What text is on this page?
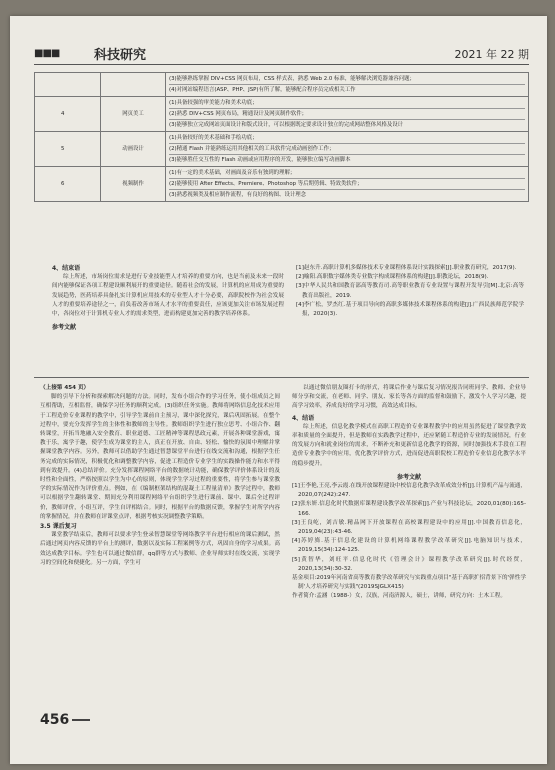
■■■	科技研究	2021 年 22 期

		(3)能够熟练掌握 DIV+CSS 网页布局，CSS 样式表，熟悉 Web 2.0 标准，能够解决浏览器兼容问题；
(4)对网站编程语言(ASP、PHP、JSP)有所了解，能够配合程序员完成相关工作

4	网页美工	(1)具备较强的审美能力和美术功底；
(2)熟悉 DIV+CSS 网页布局，精通设计及网页制作软件；
(3)能够独立完成网站页面设计和版式设计，可以根据既定要求设计独立的完成网站整体风格及设计

5	动画设计	(1)具备较好的美术基础和手绘功底；
(2)精通 Flash 并能熟练运用其他相关的工具软件完成动画创作工作；
(3)能够胜任交互性的 Flash 动画或应用程序的开发，能够独立编写动画脚本

6	视频制作	(1)有一定的美术基础，对画面及音乐有独到的理解；
(2)能够使用 After Effects、Premiere、Photoshop 等后期剪辑、特效类软件；
(3)熟悉视频类及相应制作流程，有良好的构图、设计理念
4、结束语
综上所述，市场岗位需求是进行专业技能型人才培养的重要方向，也是当前及未来一段时间内能够保证各项工程建设顺利展开的重要途径。随着社会的发展，计算机的应用成为重要的发展趋势，医药培养具备扎实计算机应用技术的专业型人才十分必要，高职院校作为社会发展人才的重要培养途径之一，肩负着改善市场人才水平的重要责任，应该更加关注市场发展过程中，各岗位对于计算机专业人才的需求类型，进而构建更加完善的教学培养体系。
参考文献
[1]赵东升.高职计算机多媒体技术专业课程体系设计实践探索[J].职业教育研究，2017(9).
[2]喻阳.高职数字媒体类专业数字构成课程体系的构建[J].职教论坛，2018(9).
[3]中华人民共和国教育部高等教育司.高等职业教育专业设置与课程开发导引[M].北京:高等教育出版社，2019.
[4]李广松，罗杰红.基于项目导向的高职多媒体技术课程体系的构建[J].广西民族师范学院学报，2020(3).
（上接第 454 页）
脚的引导下分析和探索解决问题的方法。同时，发布小组合作的学习任务，使小组成员之间互相帮助，互相监督，确保学习任务的顺利完成。(3)组织任务实施。教师将网络信息化技术应用于工程造价专业课程的教学中，引导学生课前自主预习，课中深化探究，课后巩固拓展。在整个过程中，要充分发挥学生的主体性和教师的主导性。教师组织学生进行独立思考、小组合作、翻转课堂，开拓当地融入安全教育、职业道德、工匠精神等课程思政元素，开展各种课堂游戏，寓教于乐，寓学于趣，使学生成为课堂的主人，真正在开放、自由、轻松、愉快的氛围中理解并掌握课堂教学内容。另外，教师可以借助学生通过智慧课堂平台进行在线交流和沟通，根据学生任务完成的实际情况，积极优化和调整教学内容，促进工程造价专业学生的实践操作能力和水平得到有效提升。(4)总结评价。充分发挥课程网络平台的数据统计功能，确保教学评价体系设计的及时性和全面性，严格按照以学生为中心的原则，体现学生学习过程的重要性，将学生参与课堂教学的实际情况作为评价重点。例如，在《编制框架结构的混凝土工程量清单》教学过程中，教师可以根据学生翻转课堂、期间充分利用课程网络平台组织学生进行课前、课中、课后全过程评价，教师评价，小组互评，学生自评相结合。同时，根据平台的数据反馈，掌握学生对所学内容的掌握情况，并在教师在评课堂点评，根据考核实况调整教学策略。
3.5 课后复习
课堂教学结束后，教师可以要求学生登录智慧课堂等网络教学平台进行相应的课后测试，然后通过网页内容反馈的平台上的测评，数据以及实际工程案例等方式，巩固自身的学习成果。高效达成教学目标。学生也可以通过微信群，qq群等方式与教师、企业导师实时在线交流，实现学习的空间化和便捷化。另一方面，学生可
以通过微信朋友圈打卡的形式，将课后作业与课后复习情况报告同班同学、教师、企业导师分享和交流，在老师、同学、朋友、家长等各方面的监督和鼓励下，激发个人学习兴趣，提高学习效率，养成良好的学习习惯，高效达成目标。
4、结语
综上所述，信息化教学模式在高职工程造价专业课程教学中的应用虽然促进了课堂教学效率和质量的全面提升，但是教师在实践教学过程中，还应紧随工程造价专业的发展情况，行业的发展方向和就业岗位的需求，不断补充和更新信息化教学的资源，同时加强技术手段在工程造价专业教学中的应用，优化教学评价方式，进而促进高职院校工程造价专业信息化教学水平的稳步提升。
参考文献
[1]王李艳,王亮,李云霞.在线开放课程建设中校信息化教学改革成效分析[J].计算机产品与流通，2020,07(242):247.
[2]张东妍.信息化时代数据库课程建设教学改革探索[J].产业与科技论坛，2020,01(80):165-166.
[3]王良屹，刘吉敏.精品网下开放课程在高校课程建设中的应用[J].中国教育信息化，2019,04(23):43-46.
[4]苏婷旖.基于信息化建设的计算机网络课程教学改革研究[J].电脑知识与技术，2019,15(34):124-125.
[5]黄智华，刘旺平.信息化时代《管理会计》课程教学改革研究[J].时代经贸，2020,13(34):30-32.
基金项目:2019年河南省高等教育教学改革研究与实践重点项目"基于高职扩招背景下的'弹性学制'人才培养研究与实践"(2019SJGLX415)
作者简介:孟涵（1988-）女，汉族，河南济源人，硕士，讲师，研究方向：土木工程。
456
